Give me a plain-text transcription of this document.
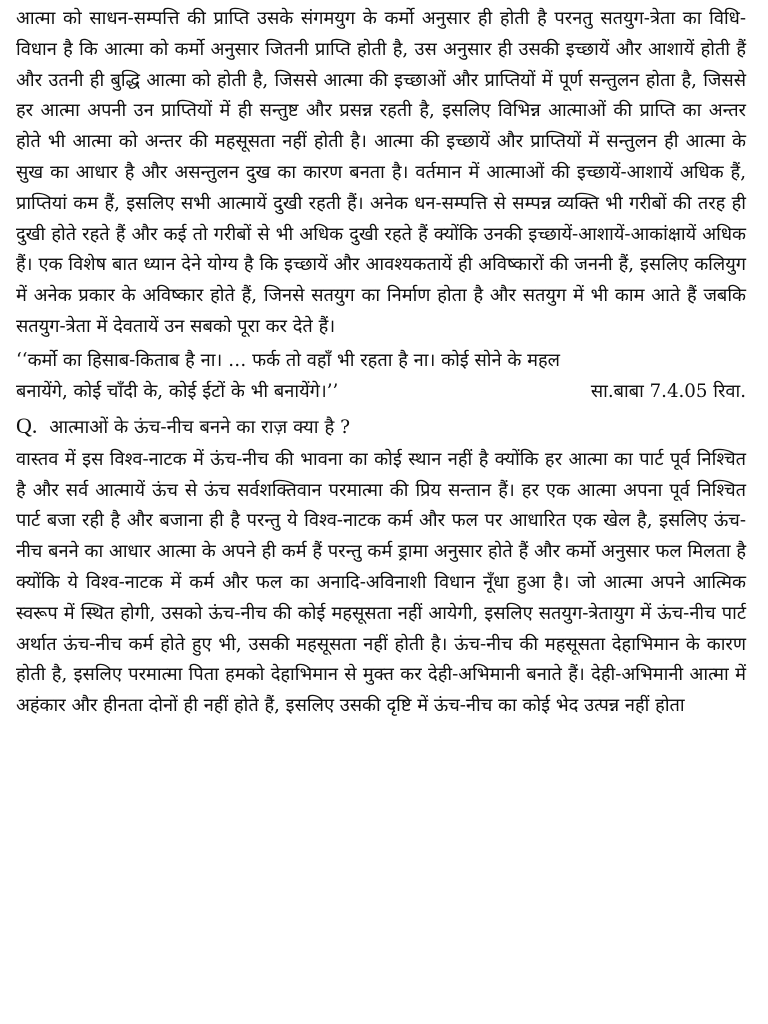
आत्मा को साधन-सम्पत्ति की प्राप्ति उसके संगमयुग के कर्मो अनुसार ही होती है परनतु सतयुग-त्रेता का विधि-विधान है कि आत्मा को कर्मो अनुसार जितनी प्राप्ति होती है, उस अनुसार ही उसकी इच्छायें और आशायें होती हैं और उतनी ही बुद्धि आत्मा को होती है, जिससे आत्मा की इच्छाओं और प्राप्तियों में पूर्ण सन्तुलन होता है, जिससे हर आत्मा अपनी उन प्राप्तियों में ही सन्तुष्ट और प्रसन्न रहती है, इसलिए विभिन्न आत्माओं की प्राप्ति का अन्तर होते भी आत्मा को अन्तर की महसूसता नहीं होती है। आत्मा की इच्छायें और प्राप्तियों में सन्तुलन ही आत्मा के सुख का आधार है और असन्तुलन दुख का कारण बनता है। वर्तमान में आत्माओं की इच्छायें-आशायें अधिक हैं, प्राप्तियां कम हैं, इसलिए सभी आत्मायें दुखी रहती हैं। अनेक धन-सम्पत्ति से सम्पन्न व्यक्ति भी गरीबों की तरह ही दुखी होते रहते हैं और कई तो गरीबों से भी अधिक दुखी रहते हैं क्योंकि उनकी इच्छायें-आशायें-आकांक्षायें अधिक हैं। एक विशेष बात ध्यान देने योग्य है कि इच्छायें और आवश्यकतायें ही अविष्कारों की जननी हैं, इसलिए कलियुग में अनेक प्रकार के अविष्कार होते हैं, जिनसे सतयुग का निर्माण होता है और सतयुग में भी काम आते हैं जबकि सतयुग-त्रेता में देवतायें उन सबको पूरा कर देते हैं।

‘‘कर्मो का हिसाब-किताब है ना। … फर्क तो वहाँ भी रहता है ना। कोई सोने के महल

बनायेंगे, कोई चाँदी के, कोई ईटों के भी बनायेंगे।’’	सा.बाबा 7.4.05 रिवा.
Q. आत्माओं के ऊंच-नीच बनने का राज़ क्या है ?

वास्तव में इस विश्व-नाटक में ऊंच-नीच की भावना का कोई स्थान नहीं है क्योंकि हर आत्मा का पार्ट पूर्व निश्चित है और सर्व आत्मायें ऊंच से ऊंच सर्वशक्तिवान परमात्मा की प्रिय सन्तान हैं। हर एक आत्मा अपना पूर्व निश्चित पार्ट बजा रही है और बजाना ही है परन्तु ये विश्व-नाटक कर्म और फल पर आधारित एक खेल है, इसलिए ऊंच-नीच बनने का आधार आत्मा के अपने ही कर्म हैं परन्तु कर्म ड्रामा अनुसार होते हैं और कर्मो अनुसार फल मिलता है क्योंकि ये विश्व-नाटक में कर्म और फल का अनादि-अविनाशी विधान नूँधा हुआ है। जो आत्मा अपने आत्मिक स्वरूप में स्थित होगी, उसको ऊंच-नीच की कोई महसूसता नहीं आयेगी, इसलिए सतयुग-त्रेतायुग में ऊंच-नीच पार्ट अर्थात ऊंच-नीच कर्म होते हुए भी, उसकी महसूसता नहीं होती है। ऊंच-नीच की महसूसता देहाभिमान के कारण होती है, इसलिए परमात्मा पिता हमको देहाभिमान से मुक्त कर देही-अभिमानी बनाते हैं। देही-अभिमानी आत्मा में अहंकार और हीनता दोनों ही नहीं होते हैं, इसलिए उसकी दृष्टि में ऊंच-नीच का कोई भेद उत्पन्न नहीं होता
